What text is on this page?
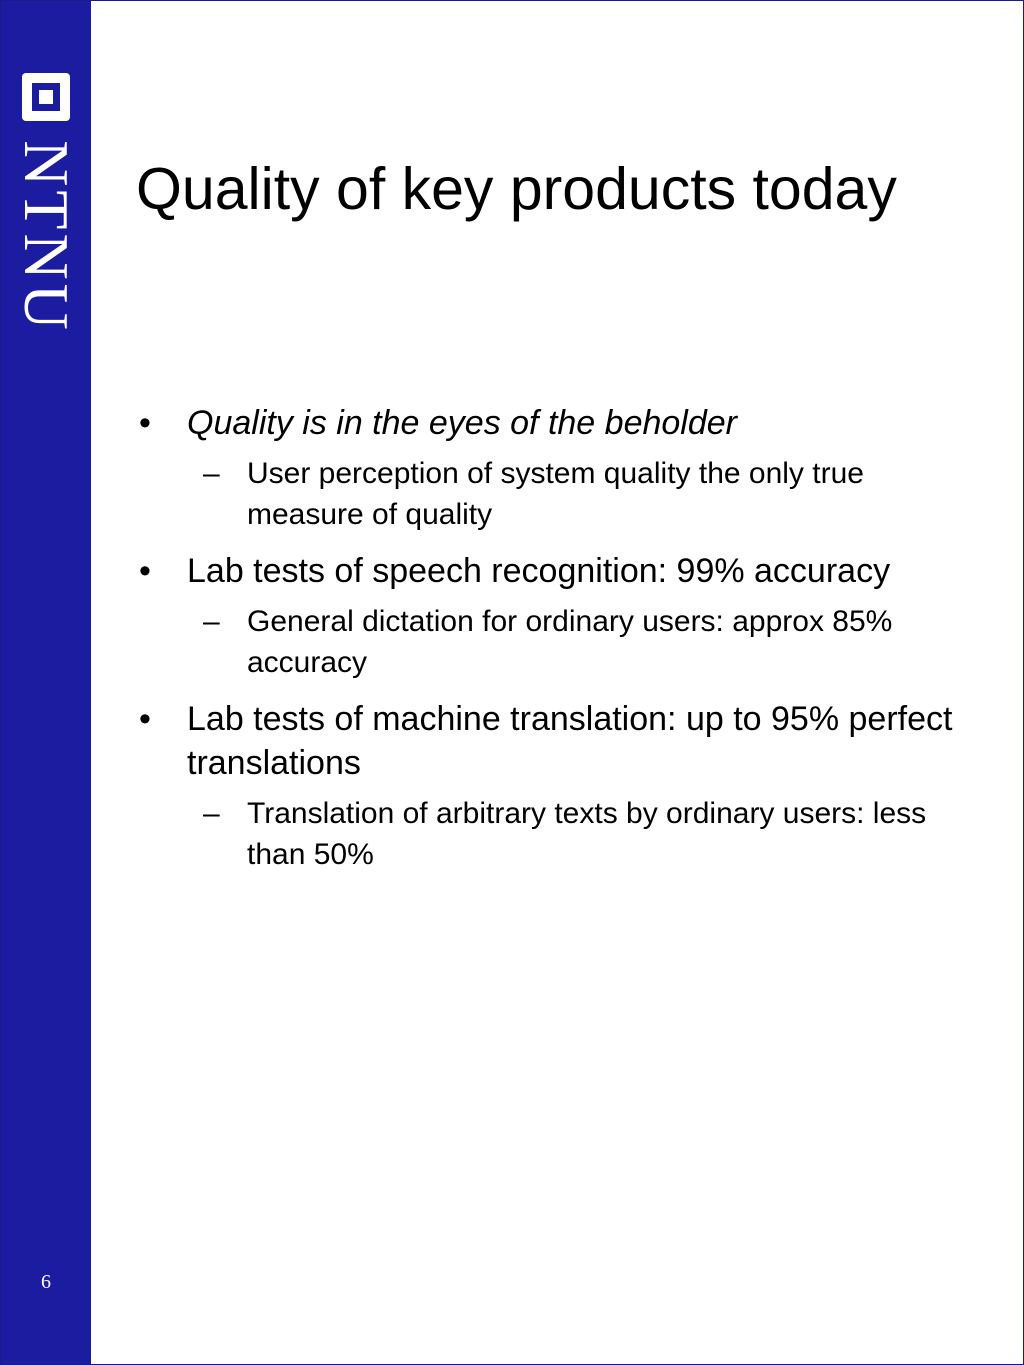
NTNU
6
Quality of key products today
• Quality is in the eyes of the beholder
– User perception of system quality the only true measure of quality
• Lab tests of speech recognition: 99% accuracy
– General dictation for ordinary users: approx 85% accuracy
• Lab tests of machine translation: up to 95% perfect translations
– Translation of arbitrary texts by ordinary users: less than 50%
